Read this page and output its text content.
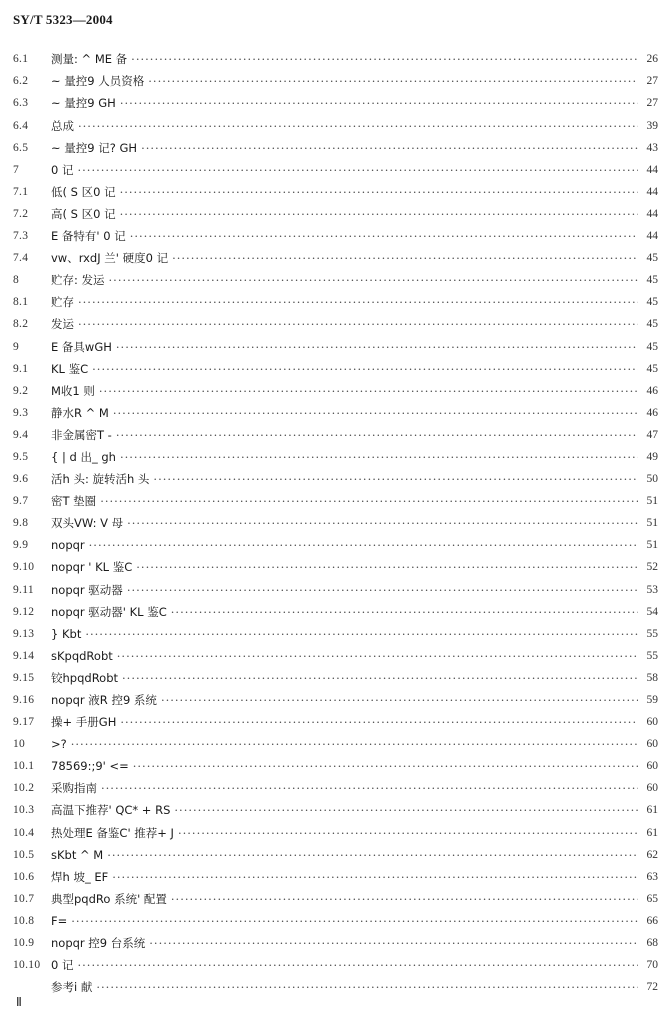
SY/T 5323—2004
6.1	测量: ^ ME 备 ·····	26
6.2	~ 量控9 人员资格 ·····	27
6.3	~ 量控9 GH ·····	27
6.4	总成 ·····	39
6.5	~ 量控9 记? GH ·····	43
7	0 记 ·····	44
7.1	低( S 区0 记 ·····	44
7.2	高( S 区0 记 ·····	44
7.3	E 备特有' 0 记 ·····	44
7.4	vw、rxdJ 兰' 硬度0 记 ·····	45
8	贮存: 发运 ·····	45
8.1	贮存 ·····	45
8.2	发运 ·····	45
9	E 备具wGH ·····	45
9.1	KL 鉴C ·····	45
9.2	M收1 则 ·····	46
9.3	静水R ^ M ·····	46
9.4	非金属密T - ·····	47
9.5	{ | d 出_ gh ·····	49
9.6	活h 头: 旋转活h 头 ·····	50
9.7	密T 垫圈 ·····	51
9.8	双头VW: V 母 ·····	51
9.9	nopqr ·····	51
9.10	nopqr ' KL 鉴C ·····	52
9.11	nopqr 驱动器 ·····	53
9.12	nopqr 驱动器' KL 鉴C ·····	54
9.13	} Kbt ·····	55
9.14	sKpqdRobt ·····	55
9.15	铰hpqdRobt ·····	58
9.16	nopqr 液R 控9 系统 ·····	59
9.17	操+ 手册GH ·····	60
10	>? ·····	60
10.1	78569:;9' <= ·····	60
10.2	采购指南 ·····	60
10.3	高温下推荐' QC* + RS ·····	61
10.4	热处理E 备鉴C' 推荐+ J ·····	61
10.5	sKbt ^ M ·····	62
10.6	焊h 坡_ EF ·····	63
10.7	典型pqdRo 系统' 配置 ·····	65
10.8	F= ·····	66
10.9	nopqr 控9 台系统 ·····	68
10.10 0 记 ·····	70
参考i 献 ·····	72
Ⅱ
